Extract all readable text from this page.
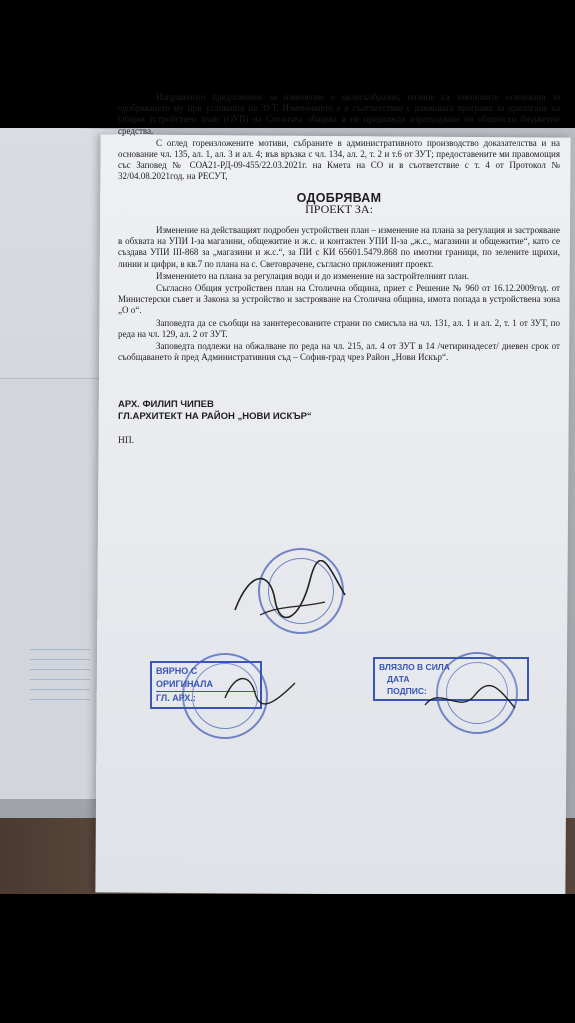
Направеното предложение за изменение е целесъобразно, налице са законовите основания за одобряването му при условията на ЗУТ. Изменението е в съответствие с рамковата програма за прилагане на Общия устройствен план (ОУП) на Столична община и не предвижда изразходване на общински бюджетни средства.

С оглед гореизложените мотиви, събраните в административното производство доказателства и на основание чл. 135, ал. 1, ал. 3 и ал. 4; във връзка с чл. 134, ал. 2, т. 2 и т.6 от ЗУТ; предоставените ми правомощия със Заповед № СОА21-РД-09-455/22.03.2021г. на Кмета на СО и в съответствие с т. 4 от Протокол № 32/04.08.2021год. на РЕСУТ,

ОДОБРЯВАМ
ПРОЕКТ ЗА:

Изменение на действащият подробен устройствен план – изменение на плана за регулация и застрояване в обхвата на УПИ I-за магазини, общежитие и ж.с. и контактен УПИ II-за „ж.с., магазини и общежитие“, като се създава УПИ III-868 за „магазини и ж.с.“, за ПИ с КИ 65601.5479.868 по имотни граници, по зелените щрихи, линии и цифри, в кв.7 по плана на с. Световрачене, съгласно приложеният проект.

Изменението на плана за регулация води и до изменение на застройтелният план.

Съгласно Общия устройствен план на Столична община, приет с Решение № 960 от 16.12.2009год. от Министерски съвет и Закона за устройство и застрояване на Столична община, имота попада в устройствена зона „О о“.

Заповедта да се съобщи на заинтересованите страни по смисъла на чл. 131, ал. 1 и ал. 2, т. 1 от ЗУТ, по реда на чл. 129, ал. 2 от ЗУТ.

Заповедта подлежи на обжалване по реда на чл. 215, ал. 4 от ЗУТ в 14 /четиринадесет/ дневен срок от съобщаването ѝ пред Административния съд – София-град чрез Район „Нови Искър“.

АРХ. ФИЛИП ЧИПЕВ

ГЛ.АРХИТЕКТ НА РАЙОН „НОВИ ИСКЪР“

НП.
ВЯРНО С ОРИГИНАЛА
ГЛ. АРХ.:
ВЛЯЗЛО В СИЛА
ДАТА
ПОДПИС:
